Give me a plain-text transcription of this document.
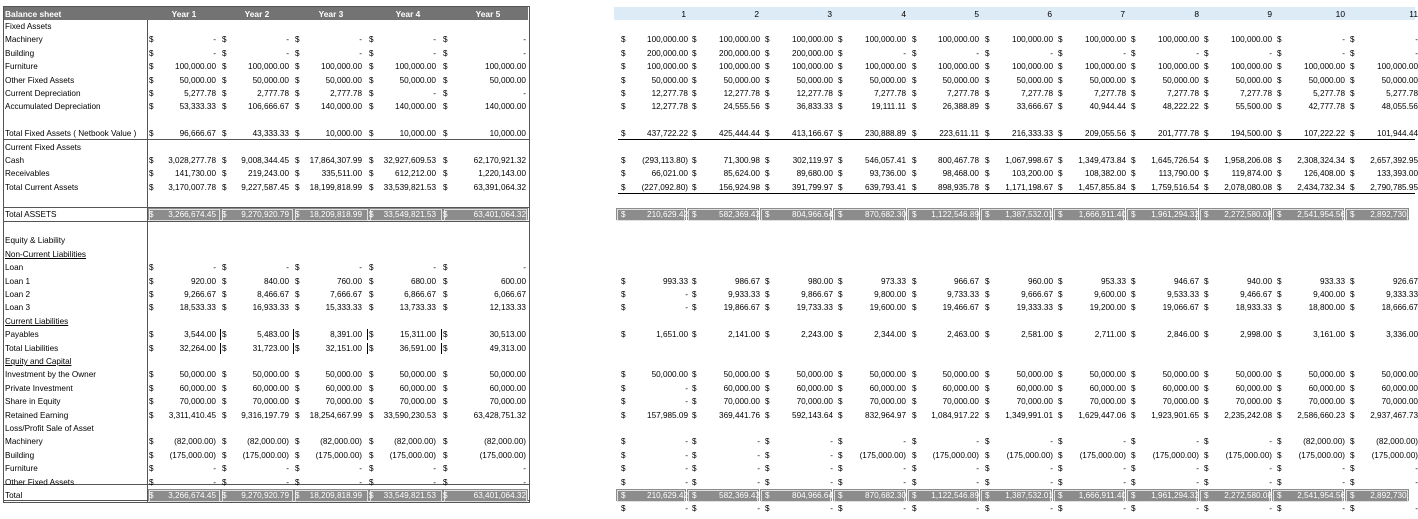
Balance sheet	Year 1	Year 2	Year 3	Year 4	Year 5	1	2	3	4	5	6	7	8	9	10	11
Fixed Assets
Machinery	$	- $	- $	- $	- $	-	$	100,000.00 $	100,000.00 $	100,000.00 $	100,000.00 $	100,000.00 $	100,000.00 $	100,000.00 $	100,000.00 $	100,000.00 $	- $	-
Building	$	- $	- $	- $	- $	-	$	200,000.00 $	200,000.00 $	200,000.00 $	- $	- $	- $	- $	- $	- $	- $	-
Furniture	$	100,000.00 $	100,000.00 $	100,000.00 $	100,000.00 $	100,000.00	$	100,000.00 $	100,000.00 $	100,000.00 $	100,000.00 $	100,000.00 $	100,000.00 $	100,000.00 $	100,000.00 $	100,000.00 $	100,000.00 $	100,000.00
Other Fixed Assets	$	50,000.00 $	50,000.00 $	50,000.00 $	50,000.00 $	50,000.00	$	50,000.00 $	50,000.00 $	50,000.00 $	50,000.00 $	50,000.00 $	50,000.00 $	50,000.00 $	50,000.00 $	50,000.00 $	50,000.00 $	50,000.00
Current Depreciation	$	5,277.78 $	2,777.78 $	2,777.78 $	- $	-	$	12,277.78 $	12,277.78 $	12,277.78 $	7,277.78 $	7,277.78 $	7,277.78 $	7,277.78 $	7,277.78 $	7,277.78 $	5,277.78 $	5,277.78
Accumulated Depreciation	$	53,333.33 $	106,666.67 $	140,000.00 $	140,000.00 $	140,000.00	$	12,277.78 $	24,555.56 $	36,833.33 $	19,111.11 $	26,388.89 $	33,666.67 $	40,944.44 $	48,222.22 $	55,500.00 $	42,777.78 $	48,055.56
Total Fixed Assets ( Netbook Value ) $	96,666.67 $	43,333.33 $	10,000.00 $	10,000.00 $	10,000.00	$	437,722.22 $	425,444.44 $	413,166.67 $	230,888.89 $	223,611.11 $	216,333.33 $	209,055.56 $	201,777.78 $	194,500.00 $	107,222.22 $	101,944.44
Current Fixed Assets
Cash	$	3,028,277.78 $	9,008,344.45 $	17,864,307.99 $	32,927,609.53 $	62,170,921.32	$	(293,113.80) $	71,300.98 $	302,119.97 $	546,057.41 $	800,467.78 $	1,067,998.67 $	1,349,473.84 $	1,645,726.54 $	1,958,206.08 $	2,308,324.34 $	2,657,392.95
Receivables	$	141,730.00 $	219,243.00 $	335,511.00 $	612,212.00 $	1,220,143.00	$	66,021.00 $	85,624.00 $	89,680.00 $	93,736.00 $	98,468.00 $	103,200.00 $	108,382.00 $	113,790.00 $	119,874.00 $	126,408.00 $	133,393.00
Total Current Assets	$	3,170,007.78 $	9,227,587.45 $	18,199,818.99 $	33,539,821.53 $	63,391,064.32	$	(227,092.80) $	156,924.98 $	391,799.97 $	639,793.41 $	898,935.78 $	1,171,198.67 $	1,457,855.84 $	1,759,516.54 $	2,078,080.08 $	2,434,732.34 $	2,790,785.95
Total ASSETS	$	3,266,674.45 $	9,270,920.79 $	18,209,818.99 $	33,549,821.53 $	63,401,064.32	$	210,629.42 $	582,369.43 $	804,966.64 $	870,682.30 $	1,122,546.89 $	1,387,532.01 $	1,666,911.40 $	1,961,294.32 $	2,272,580.08 $	2,541,954.56 $	2,892,730.40
Equity & Liability
Non-Current Liabilities
Loan	$	- $	- $	- $	- $	-
Loan 1	$	920.00 $	840.00 $	760.00 $	680.00 $	600.00	$	993.33 $	986.67 $	980.00 $	973.33 $	966.67 $	960.00 $	953.33 $	946.67 $	940.00 $	933.33 $	926.67
Loan 2	$	9,266.67 $	8,466.67 $	7,666.67 $	6,866.67 $	6,066.67	$	- $	9,933.33 $	9,866.67 $	9,800.00 $	9,733.33 $	9,666.67 $	9,600.00 $	9,533.33 $	9,466.67 $	9,400.00 $	9,333.33
Loan 3	$	18,533.33 $	16,933.33 $	15,333.33 $	13,733.33 $	12,133.33	$	- $	19,866.67 $	19,733.33 $	19,600.00 $	19,466.67 $	19,333.33 $	19,200.00 $	19,066.67 $	18,933.33 $	18,800.00 $	18,666.67
Current Liabilities
Payables	$	3,544.00 $	5,483.00 $	8,391.00 $	15,311.00 $	30,513.00	$	1,651.00 $	2,141.00 $	2,243.00 $	2,344.00 $	2,463.00 $	2,581.00 $	2,711.00 $	2,846.00 $	2,998.00 $	3,161.00 $	3,336.00
Total Liabilities	$	32,264.00 $	31,723.00 $	32,151.00 $	36,591.00 $	49,313.00
Equity and Capital
Investment by the Owner	$	50,000.00 $	50,000.00 $	50,000.00 $	50,000.00 $	50,000.00	$	50,000.00 $	50,000.00 $	50,000.00 $	50,000.00 $	50,000.00 $	50,000.00 $	50,000.00 $	50,000.00 $	50,000.00 $	50,000.00 $	50,000.00
Private Investment	$	60,000.00 $	60,000.00 $	60,000.00 $	60,000.00 $	60,000.00	$	- $	60,000.00 $	60,000.00 $	60,000.00 $	60,000.00 $	60,000.00 $	60,000.00 $	60,000.00 $	60,000.00 $	60,000.00 $	60,000.00
Share in Equity	$	70,000.00 $	70,000.00 $	70,000.00 $	70,000.00 $	70,000.00	$	- $	70,000.00 $	70,000.00 $	70,000.00 $	70,000.00 $	70,000.00 $	70,000.00 $	70,000.00 $	70,000.00 $	70,000.00 $	70,000.00
Retained Earning	$	3,311,410.45 $	9,316,197.79 $	18,254,667.99 $	33,590,230.53 $	63,428,751.32	$	157,985.09 $	369,441.76 $	592,143.64 $	832,964.97 $	1,084,917.22 $	1,349,991.01 $	1,629,447.06 $	1,923,901.65 $	2,235,242.08 $	2,586,660.23 $	2,937,467.73
Loss/Profit Sale of Asset
Machinery	$	(82,000.00) $	(82,000.00) $	(82,000.00) $	(82,000.00) $	(82,000.00)	$	- $	- $	- $	- $	- $	- $	- $	- $	- $	(82,000.00) $	(82,000.00)
Building	$	(175,000.00) $	(175,000.00) $	(175,000.00) $	(175,000.00) $	(175,000.00)	$	- $	- $	- $	(175,000.00) $	(175,000.00) $	(175,000.00) $	(175,000.00) $	(175,000.00) $	(175,000.00) $	(175,000.00) $	(175,000.00)
Furniture	$	- $	- $	- $	- $	-	$	- $	- $	- $	- $	- $	- $	- $	- $	- $	- $	-
Other Fixed Assets	$	- $	- $	- $	- $	-	$	- $	- $	- $	- $	- $	- $	- $	- $	- $	- $	-
Total	$	3,266,674.45 $	9,270,920.79 $	18,209,818.99 $	33,549,821.53 $	63,401,064.32	$	210,629.42 $	582,369.43 $	804,966.64 $	870,682.30 $	1,122,546.89 $	1,387,532.01 $	1,666,911.40 $	1,961,294.32 $	2,272,580.08 $	2,541,954.56 $	2,892,730.40
$	- $	- $	- $	- $	- $	- $	- $	- $	- $	- $	-
